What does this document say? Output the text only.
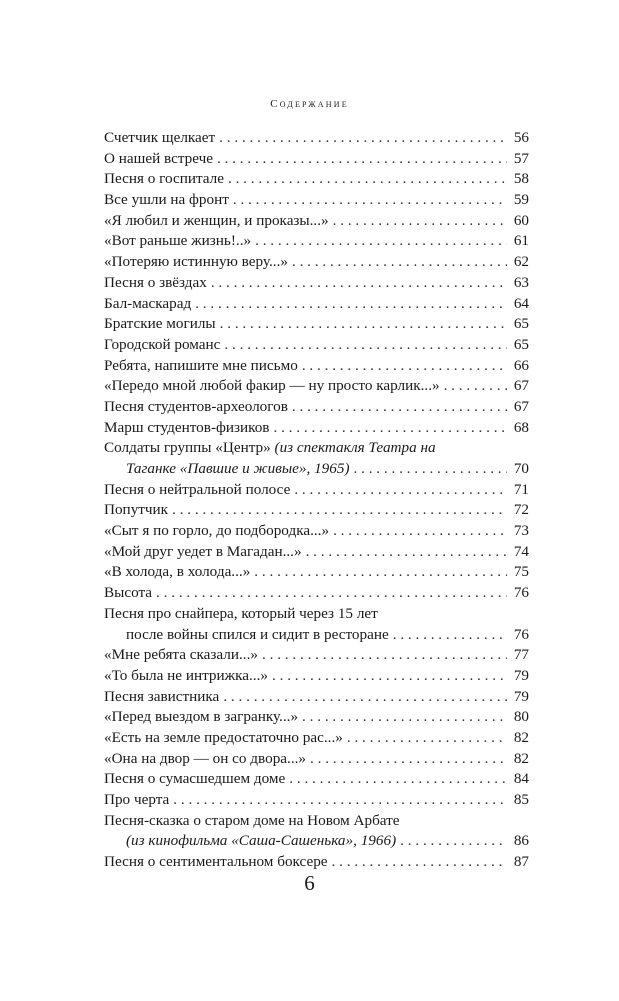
Содержание
Счетчик щелкает . . .	56
О нашей встрече . . .	57
Песня о госпитале . . .	58
Все ушли на фронт . . .	59
«Я любил и женщин, и проказы...» . . .	60
«Вот раньше жизнь!..» . . .	61
«Потеряю истинную веру...» . . .	62
Песня о звёздах . . .	63
Бал-маскарад . . .	64
Братские могилы . . .	65
Городской романс . . .	65
Ребята, напишите мне письмо . . .	66
«Передо мной любой факир — ну просто карлик...» . . .	67
Песня студентов-археологов . . .	67
Марш студентов-физиков . . .	68
Солдаты группы «Центр»
(из спектакля Театра на
Таганке «Павшие и живые», 1965) . . .	70
Песня о нейтральной полосе . . .	71
Попутчик . . .	72
«Сыт я по горло, до подбородка...» . . .	73
«Мой друг уедет в Магадан...» . . .	74
«В холода, в холода...» . . .	75
Высота . . .	76
Песня про снайпера, который через 15 лет
после войны спился и сидит в ресторане . . .	76
«Мне ребята сказали...» . . .	77
«То была не интрижка...» . . .	79
Песня завистника . . .	79
«Перед выездом в загранку...» . . .	80
«Есть на земле предостаточно рас...» . . .	82
«Она на двор — он со двора...» . . .	82
Песня о сумасшедшем доме . . .	84
Про черта . . .	85
Песня-сказка о старом доме на Новом Арбате
(из кинофильма «Саша-Сашенька», 1966) . . .	86
Песня о сентиментальном боксере . . .	87
6
